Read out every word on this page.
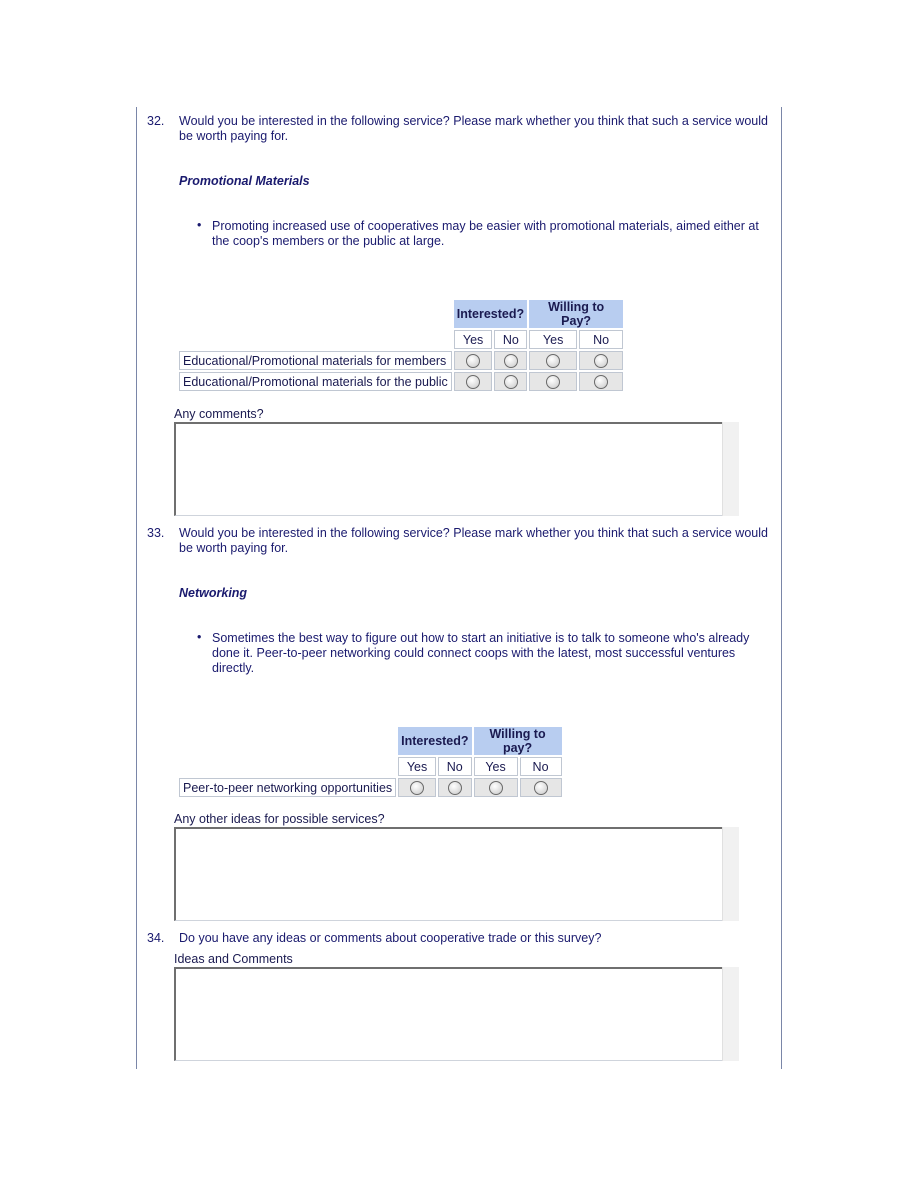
32. Would you be interested in the following service? Please mark whether you think that such a service would be worth paying for.
Promotional Materials
• Promoting increased use of cooperatives may be easier with promotional materials, aimed either at the coop's members or the public at large.
	Interested?		Willing to Pay?	
	Yes	No	Yes	No
Educational/Promotional materials for members				
Educational/Promotional materials for the public				
Any comments?
33. Would you be interested in the following service? Please mark whether you think that such a service would be worth paying for.
Networking
• Sometimes the best way to figure out how to start an initiative is to talk to someone who's already done it. Peer-to-peer networking could connect coops with the latest, most successful ventures directly.
	Interested?		Willing to pay?	
	Yes	No	Yes	No
Peer-to-peer networking opportunities				
Any other ideas for possible services?
34. Do you have any ideas or comments about cooperative trade or this survey?
Ideas and Comments
